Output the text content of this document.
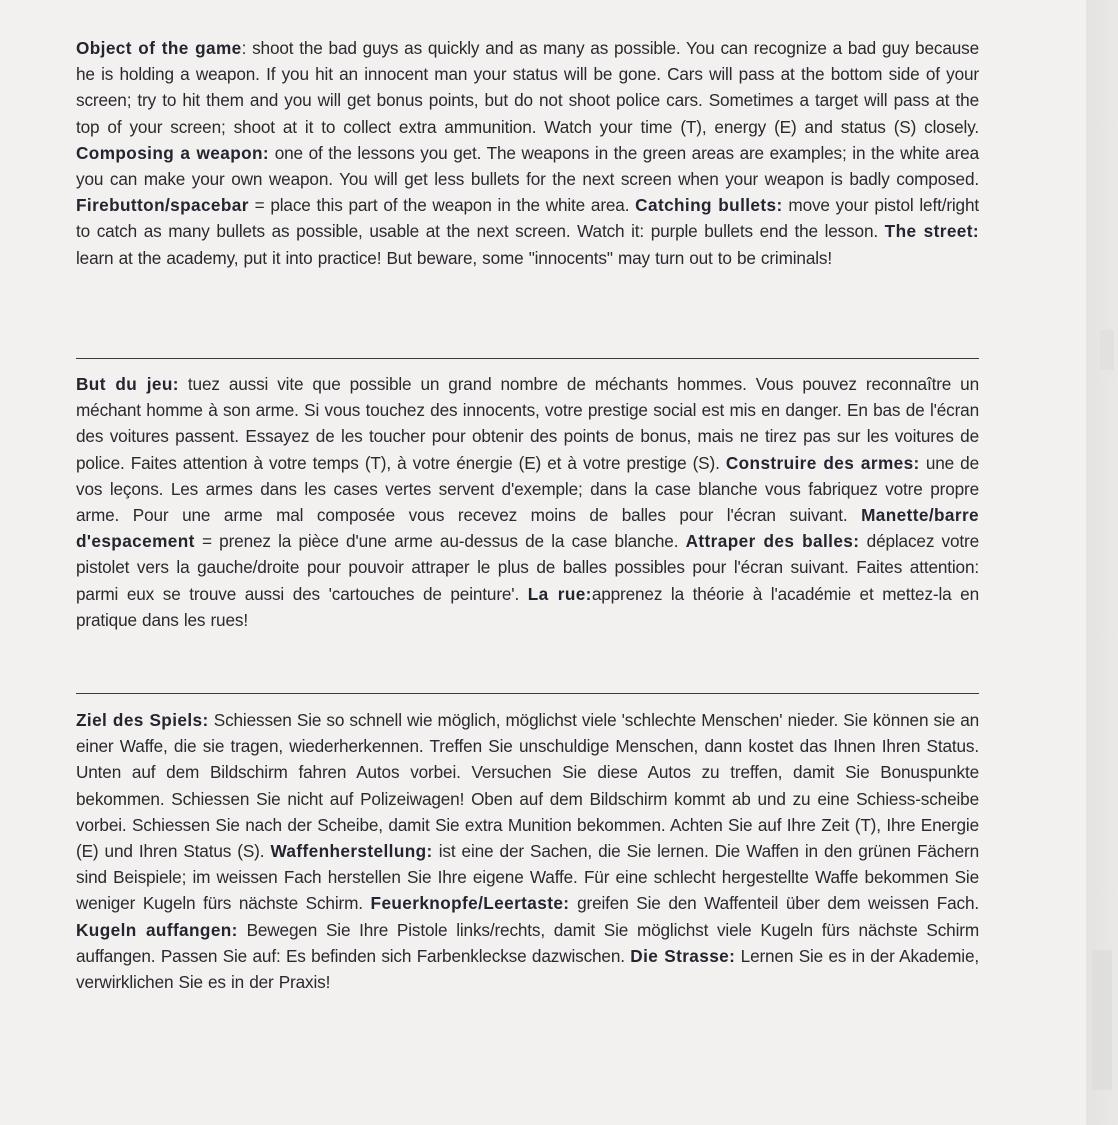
Object of the game: shoot the bad guys as quickly and as many as possible. You can recognize a bad guy because he is holding a weapon. If you hit an innocent man your status will be gone. Cars will pass at the bottom side of your screen; try to hit them and you will get bonus points, but do not shoot police cars. Sometimes a target will pass at the top of your screen; shoot at it to collect extra ammunition. Watch your time (T), energy (E) and status (S) closely. Composing a weapon: one of the lessons you get. The weapons in the green areas are examples; in the white area you can make your own weapon. You will get less bullets for the next screen when your weapon is badly composed. Firebutton/spacebar = place this part of the weapon in the white area. Catching bullets: move your pistol left/right to catch as many bullets as possible, usable at the next screen. Watch it: purple bullets end the lesson. The street: learn at the academy, put it into practice! But beware, some "innocents" may turn out to be criminals!
But du jeu: tuez aussi vite que possible un grand nombre de méchants hommes. Vous pouvez reconnaître un méchant homme à son arme. Si vous touchez des innocents, votre prestige social est mis en danger. En bas de l'écran des voitures passent. Essayez de les toucher pour obtenir des points de bonus, mais ne tirez pas sur les voitures de police. Faites attention à votre temps (T), à votre énergie (E) et à votre prestige (S). Construire des armes: une de vos leçons. Les armes dans les cases vertes servent d'exemple; dans la case blanche vous fabriquez votre propre arme. Pour une arme mal composée vous recevez moins de balles pour l'écran suivant. Manette/barre d'espacement = prenez la pièce d'une arme au-dessus de la case blanche. Attraper des balles: déplacez votre pistolet vers la gauche/droite pour pouvoir attraper le plus de balles possibles pour l'écran suivant. Faites attention: parmi eux se trouve aussi des 'cartouches de peinture'. La rue:apprenez la théorie à l'académie et mettez-la en pratique dans les rues!
Ziel des Spiels: Schiessen Sie so schnell wie möglich, möglichst viele 'schlechte Menschen' nieder. Sie können sie an einer Waffe, die sie tragen, wiederherkennen. Treffen Sie unschuldige Menschen, dann kostet das Ihnen Ihren Status. Unten auf dem Bildschirm fahren Autos vorbei. Versuchen Sie diese Autos zu treffen, damit Sie Bonuspunkte bekommen. Schiessen Sie nicht auf Polizeiwagen! Oben auf dem Bildschirm kommt ab und zu eine Schiess-scheibe vorbei. Schiessen Sie nach der Scheibe, damit Sie extra Munition bekommen. Achten Sie auf Ihre Zeit (T), Ihre Energie (E) und Ihren Status (S). Waffenherstellung: ist eine der Sachen, die Sie lernen. Die Waffen in den grünen Fächern sind Beispiele; im weissen Fach herstellen Sie Ihre eigene Waffe. Für eine schlecht hergestellte Waffe bekommen Sie weniger Kugeln fürs nächste Schirm. Feuerknopfe/Leertaste: greifen Sie den Waffenteil über dem weissen Fach. Kugeln auffangen: Bewegen Sie Ihre Pistole links/rechts, damit Sie möglichst viele Kugeln fürs nächste Schirm auffangen. Passen Sie auf: Es befinden sich Farbenkleckse dazwischen. Die Strasse: Lernen Sie es in der Akademie, verwirklichen Sie es in der Praxis!
